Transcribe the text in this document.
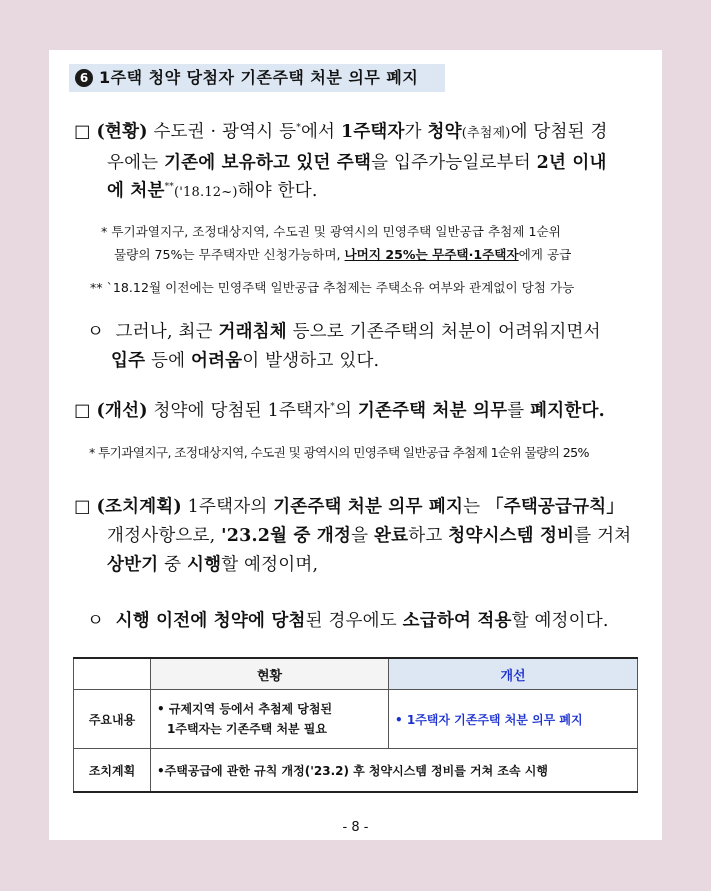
6 1주택 청약 당첨자 기존주택 처분 의무 폐지
□ (현황) 수도권 · 광역시 등*에서 1주택자가 청약(추첨제)에 당첨된 경
우에는 기존에 보유하고 있던 주택을 입주가능일로부터 2년 이내
에 처분**('18.12~)해야 한다.
* 투기과열지구, 조정대상지역, 수도권 및 광역시의 민영주택 일반공급 추첨제 1순위
물량의 75%는 무주택자만 신청가능하며, 나머지 25%는 무주택·1주택자에게 공급
** `18.12월 이전에는 민영주택 일반공급 추첨제는 주택소유 여부와 관계없이 당첨 가능
ㅇ 그러나, 최근 거래침체 등으로 기존주택의 처분이 어려워지면서
입주 등에 어려움이 발생하고 있다.
□ (개선) 청약에 당첨된 1주택자*의 기존주택 처분 의무를 폐지한다.
* 투기과열지구, 조정대상지역, 수도권 및 광역시의 민영주택 일반공급 추첨제 1순위 물량의 25%
□ (조치계획) 1주택자의 기존주택 처분 의무 폐지는 「주택공급규칙」
개정사항으로, '23.2월 중 개정을 완료하고 청약시스템 정비를 거쳐
상반기 중 시행할 예정이며,
ㅇ 시행 이전에 청약에 당첨된 경우에도 소급하여 적용할 예정이다.
	현황	개선
주요내용	• 규제지역 등에서 추첨제 당첨된
1주택자는 기존주택 처분 필요	• 1주택자 기존주택 처분 의무 폐지
조치계획	•주택공급에 관한 규칙 개정('23.2) 후 청약시스템 정비를 거쳐 조속 시행	
- 8 -
